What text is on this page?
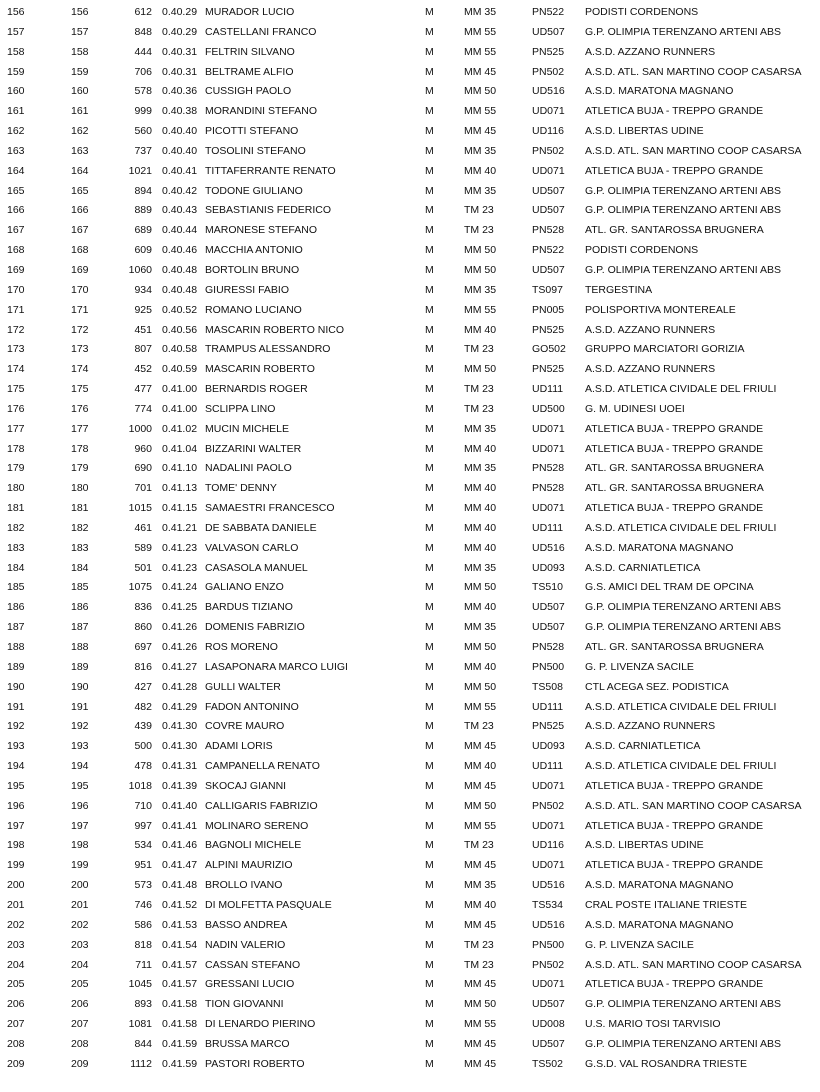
156	156	612 0.40.29 MURADOR LUCIO	M	MM 35	PN522 PODISTI CORDENONS
157	157	848 0.40.29 CASTELLANI FRANCO	M	MM 55	UD507 G.P. OLIMPIA TERENZANO ARTENI ABS
158	158	444 0.40.31 FELTRIN SILVANO	M	MM 55	PN525 A.S.D. AZZANO RUNNERS
159	159	706 0.40.31 BELTRAME ALFIO	M	MM 45	PN502 A.S.D. ATL. SAN MARTINO COOP CASARSA
160	160	578 0.40.36 CUSSIGH PAOLO	M	MM 50	UD516 A.S.D. MARATONA MAGNANO
161	161	999 0.40.38 MORANDINI STEFANO	M	MM 55	UD071 ATLETICA BUJA - TREPPO GRANDE
162	162	560 0.40.40 PICOTTI STEFANO	M	MM 45	UD116 A.S.D. LIBERTAS UDINE
163	163	737 0.40.40 TOSOLINI STEFANO	M	MM 35	PN502 A.S.D. ATL. SAN MARTINO COOP CASARSA
164	164	1021 0.40.41 TITTAFERRANTE RENATO	M	MM 40	UD071 ATLETICA BUJA - TREPPO GRANDE
165	165	894 0.40.42 TODONE GIULIANO	M	MM 35	UD507 G.P. OLIMPIA TERENZANO ARTENI ABS
166	166	889 0.40.43 SEBASTIANIS FEDERICO	M	TM 23	UD507 G.P. OLIMPIA TERENZANO ARTENI ABS
167	167	689 0.40.44 MARONESE STEFANO	M	TM 23	PN528 ATL. GR. SANTAROSSA BRUGNERA
168	168	609 0.40.46 MACCHIA ANTONIO	M	MM 50	PN522 PODISTI CORDENONS
169	169	1060 0.40.48 BORTOLIN BRUNO	M	MM 50	UD507 G.P. OLIMPIA TERENZANO ARTENI ABS
170	170	934 0.40.48 GIURESSI FABIO	M	MM 35	TS097 TERGESTINA
171	171	925 0.40.52 ROMANO LUCIANO	M	MM 55	PN005 POLISPORTIVA MONTEREALE
172	172	451 0.40.56 MASCARIN ROBERTO NICO	M	MM 40	PN525 A.S.D. AZZANO RUNNERS
173	173	807 0.40.58 TRAMPUS ALESSANDRO	M	TM 23	GO502 GRUPPO MARCIATORI GORIZIA
174	174	452 0.40.59 MASCARIN ROBERTO	M	MM 50	PN525 A.S.D. AZZANO RUNNERS
175	175	477 0.41.00 BERNARDIS ROGER	M	TM 23	UD111 A.S.D. ATLETICA CIVIDALE DEL FRIULI
176	176	774 0.41.00 SCLIPPA LINO	M	TM 23	UD500 G. M. UDINESI UOEI
177	177	1000 0.41.02 MUCIN MICHELE	M	MM 35	UD071 ATLETICA BUJA - TREPPO GRANDE
178	178	960 0.41.04 BIZZARINI WALTER	M	MM 40	UD071 ATLETICA BUJA - TREPPO GRANDE
179	179	690 0.41.10 NADALINI PAOLO	M	MM 35	PN528 ATL. GR. SANTAROSSA BRUGNERA
180	180	701 0.41.13 TOME' DENNY	M	MM 40	PN528 ATL. GR. SANTAROSSA BRUGNERA
181	181	1015 0.41.15 SAMAESTRI FRANCESCO	M	MM 40	UD071 ATLETICA BUJA - TREPPO GRANDE
182	182	461 0.41.21 DE SABBATA DANIELE	M	MM 40	UD111 A.S.D. ATLETICA CIVIDALE DEL FRIULI
183	183	589 0.41.23 VALVASON CARLO	M	MM 40	UD516 A.S.D. MARATONA MAGNANO
184	184	501 0.41.23 CASASOLA MANUEL	M	MM 35	UD093 A.S.D. CARNIATLETICA
185	185	1075 0.41.24 GALIANO ENZO	M	MM 50	TS510 G.S. AMICI DEL TRAM DE OPCINA
186	186	836 0.41.25 BARDUS TIZIANO	M	MM 40	UD507 G.P. OLIMPIA TERENZANO ARTENI ABS
187	187	860 0.41.26 DOMENIS FABRIZIO	M	MM 35	UD507 G.P. OLIMPIA TERENZANO ARTENI ABS
188	188	697 0.41.26 ROS MORENO	M	MM 50	PN528 ATL. GR. SANTAROSSA BRUGNERA
189	189	816 0.41.27 LASAPONARA MARCO LUIGI	M	MM 40	PN500 G. P. LIVENZA SACILE
190	190	427 0.41.28 GULLI WALTER	M	MM 50	TS508 CTL ACEGA SEZ. PODISTICA
191	191	482 0.41.29 FADON ANTONINO	M	MM 55	UD111 A.S.D. ATLETICA CIVIDALE DEL FRIULI
192	192	439 0.41.30 COVRE MAURO	M	TM 23	PN525 A.S.D. AZZANO RUNNERS
193	193	500 0.41.30 ADAMI LORIS	M	MM 45	UD093 A.S.D. CARNIATLETICA
194	194	478 0.41.31 CAMPANELLA RENATO	M	MM 40	UD111 A.S.D. ATLETICA CIVIDALE DEL FRIULI
195	195	1018 0.41.39 SKOCAJ GIANNI	M	MM 45	UD071 ATLETICA BUJA - TREPPO GRANDE
196	196	710 0.41.40 CALLIGARIS FABRIZIO	M	MM 50	PN502 A.S.D. ATL. SAN MARTINO COOP CASARSA
197	197	997 0.41.41 MOLINARO SERENO	M	MM 55	UD071 ATLETICA BUJA - TREPPO GRANDE
198	198	534 0.41.46 BAGNOLI MICHELE	M	TM 23	UD116 A.S.D. LIBERTAS UDINE
199	199	951 0.41.47 ALPINI MAURIZIO	M	MM 45	UD071 ATLETICA BUJA - TREPPO GRANDE
200	200	573 0.41.48 BROLLO IVANO	M	MM 35	UD516 A.S.D. MARATONA MAGNANO
201	201	746 0.41.52 DI MOLFETTA PASQUALE	M	MM 40	TS534 CRAL POSTE ITALIANE TRIESTE
202	202	586 0.41.53 BASSO ANDREA	M	MM 45	UD516 A.S.D. MARATONA MAGNANO
203	203	818 0.41.54 NADIN VALERIO	M	TM 23	PN500 G. P. LIVENZA SACILE
204	204	711 0.41.57 CASSAN STEFANO	M	TM 23	PN502 A.S.D. ATL. SAN MARTINO COOP CASARSA
205	205	1045 0.41.57 GRESSANI LUCIO	M	MM 45	UD071 ATLETICA BUJA - TREPPO GRANDE
206	206	893 0.41.58 TION GIOVANNI	M	MM 50	UD507 G.P. OLIMPIA TERENZANO ARTENI ABS
207	207	1081 0.41.58 DI LENARDO PIERINO	M	MM 55	UD008 U.S. MARIO TOSI TARVISIO
208	208	844 0.41.59 BRUSSA MARCO	M	MM 45	UD507 G.P. OLIMPIA TERENZANO ARTENI ABS
209	209	1112 0.41.59 PASTORI ROBERTO	M	MM 45	TS502 G.S.D. VAL ROSANDRA TRIESTE
